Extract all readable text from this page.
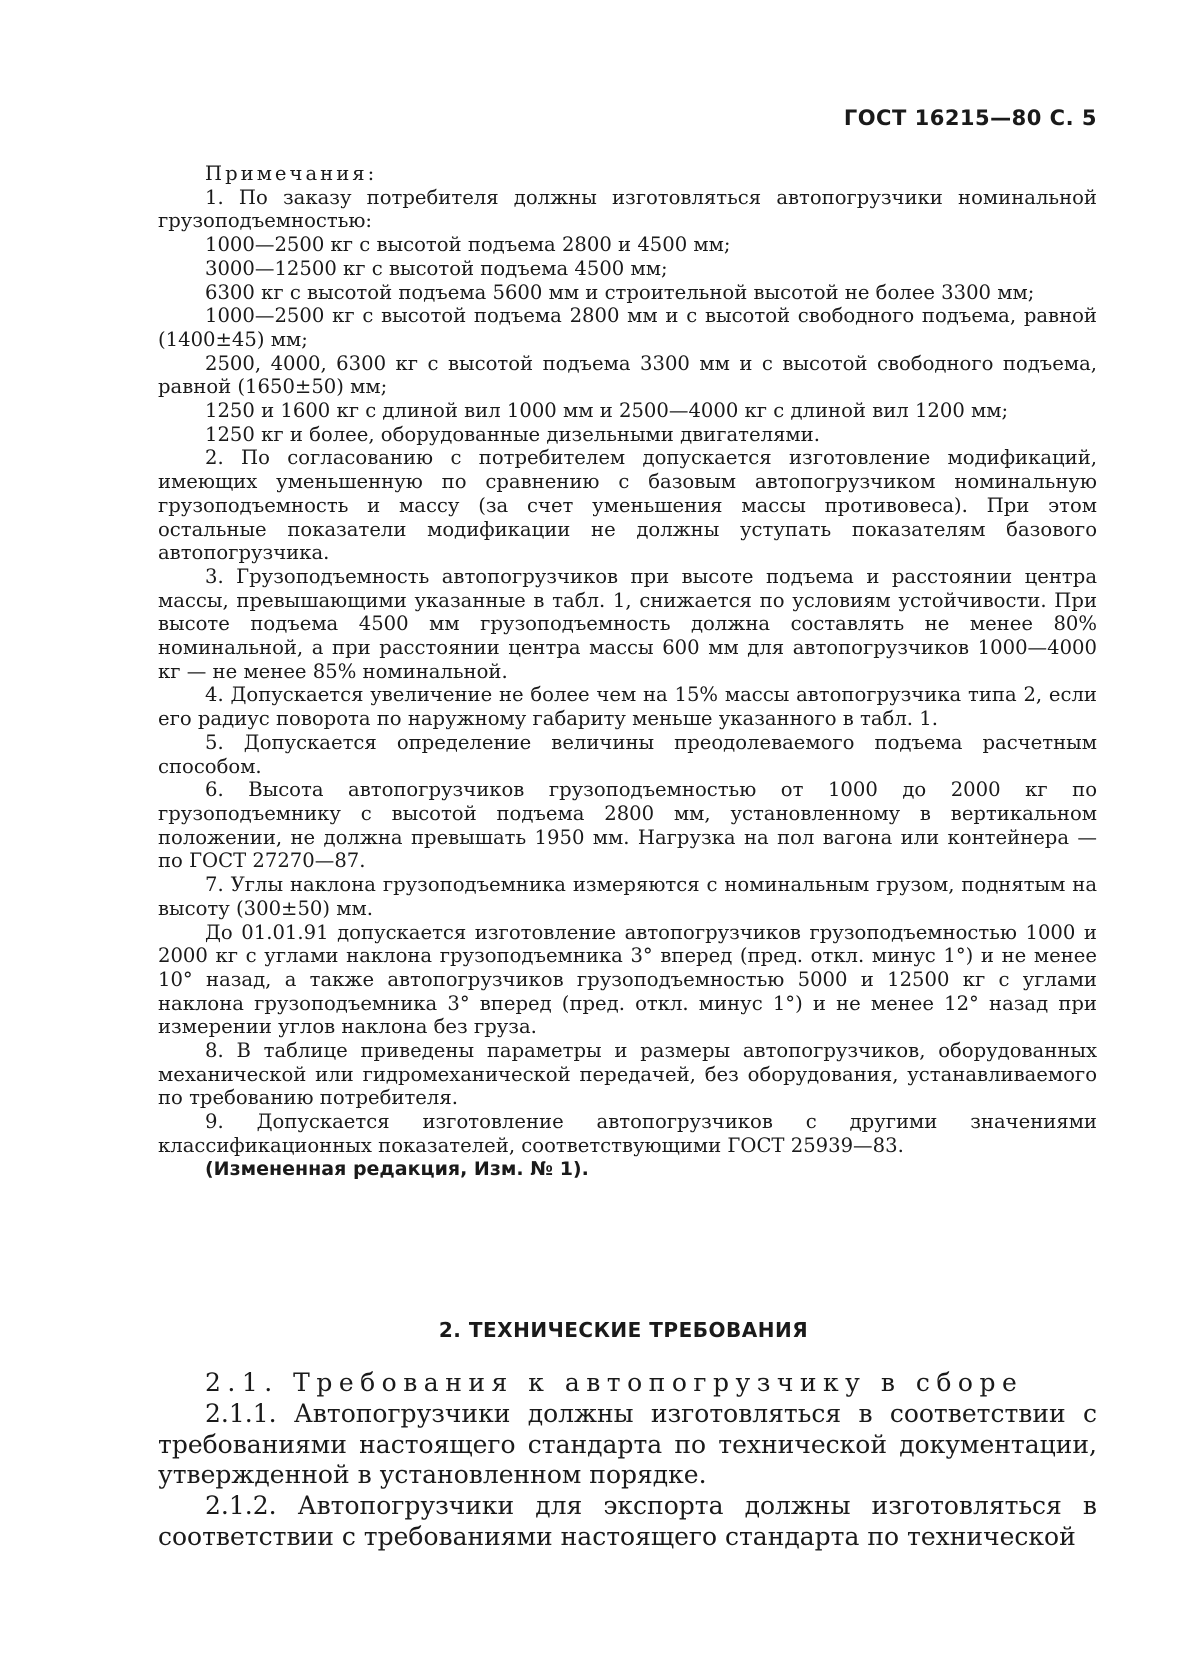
ГОСТ 16215—80 С. 5

Примечания:

1. По заказу потребителя должны изготовляться автопогрузчики номинальной грузоподъемностью:

1000—2500 кг с высотой подъема 2800 и 4500 мм;

3000—12500 кг с высотой подъема 4500 мм;

6300 кг с высотой подъема 5600 мм и строительной высотой не более 3300 мм;

1000—2500 кг с высотой подъема 2800 мм и с высотой свободного подъема, равной (1400±45) мм;

2500, 4000, 6300 кг с высотой подъема 3300 мм и с высотой свободного подъема, равной (1650±50) мм;

1250 и 1600 кг с длиной вил 1000 мм и 2500—4000 кг с длиной вил 1200 мм;

1250 кг и более, оборудованные дизельными двигателями.

2. По согласованию с потребителем допускается изготовление модификаций, имеющих уменьшенную по сравнению с базовым автопогрузчиком номинальную грузоподъемность и массу (за счет уменьшения массы противовеса). При этом остальные показатели модификации не должны уступать показателям базового автопогрузчика.

3. Грузоподъемность автопогрузчиков при высоте подъема и расстоянии центра массы, превышающими указанные в табл. 1, снижается по условиям устойчивости. При высоте подъема 4500 мм грузоподъемность должна составлять не менее 80% номинальной, а при расстоянии центра массы 600 мм для автопогрузчиков 1000—4000 кг — не менее 85% номинальной.

4. Допускается увеличение не более чем на 15% массы автопогрузчика типа 2, если его радиус поворота по наружному габариту меньше указанного в табл. 1.

5. Допускается определение величины преодолеваемого подъема расчетным способом.

6. Высота автопогрузчиков грузоподъемностью от 1000 до 2000 кг по грузоподъемнику с высотой подъема 2800 мм, установленному в вертикальном положении, не должна превышать 1950 мм. Нагрузка на пол вагона или контейнера — по ГОСТ 27270—87.

7. Углы наклона грузоподъемника измеряются с номинальным грузом, поднятым на высоту (300±50) мм.

До 01.01.91 допускается изготовление автопогрузчиков грузоподъемностью 1000 и 2000 кг с углами наклона грузоподъемника 3° вперед (пред. откл. минус 1°) и не менее 10° назад, а также автопогрузчиков грузоподъемностью 5000 и 12500 кг с углами наклона грузоподъемника 3° вперед (пред. откл. минус 1°) и не менее 12° назад при измерении углов наклона без груза.

8. В таблице приведены параметры и размеры автопогрузчиков, оборудованных механической или гидромеханической передачей, без оборудования, устанавливаемого по требованию потребителя.

9. Допускается изготовление автопогрузчиков с другими значениями классификационных показателей, соответствующими ГОСТ 25939—83.

(Измененная редакция, Изм. № 1).

2. ТЕХНИЧЕСКИЕ ТРЕБОВАНИЯ

2.1. Требования к автопогрузчику в сборе

2.1.1. Автопогрузчики должны изготовляться в соответствии с требованиями настоящего стандарта по технической документации, утвержденной в установленном порядке.

2.1.2. Автопогрузчики для экспорта должны изготовляться в соответствии с требованиями настоящего стандарта по технической
